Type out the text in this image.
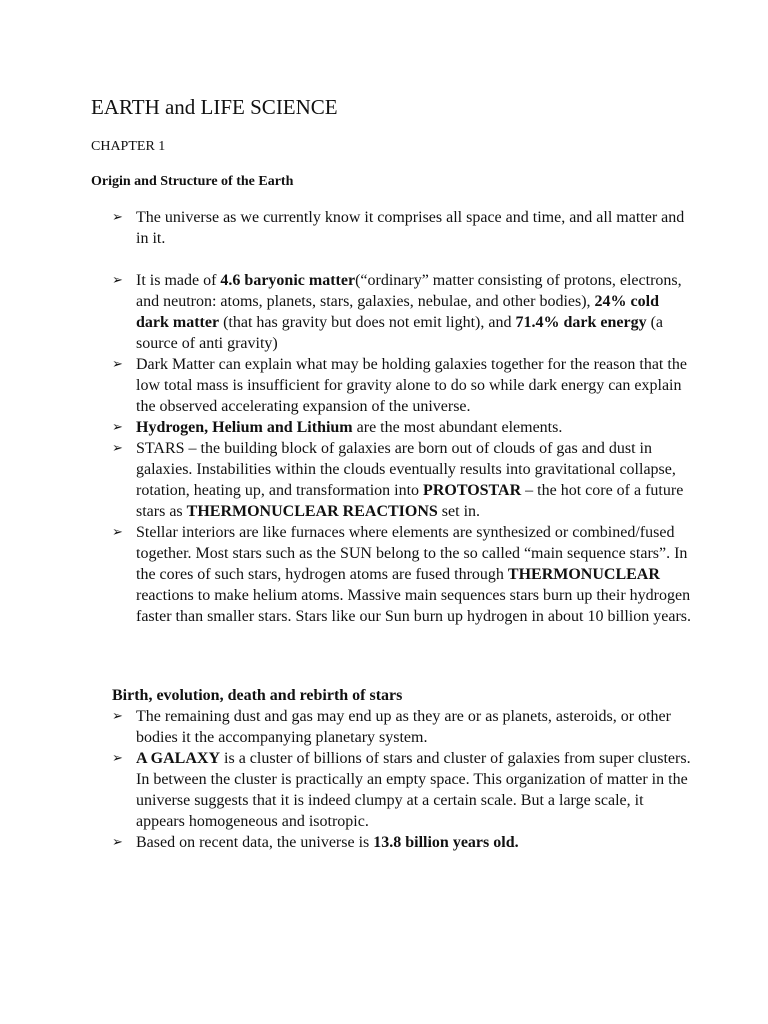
EARTH and LIFE SCIENCE
CHAPTER 1
Origin and Structure of the Earth
➢ The universe as we currently know it comprises all space and time, and all matter and in it.
➢ It is made of 4.6 baryonic matter(“ordinary” matter consisting of protons, electrons, and neutron: atoms, planets, stars, galaxies, nebulae, and other bodies), 24% cold dark matter (that has gravity but does not emit light), and 71.4% dark energy (a source of anti gravity)
➢ Dark Matter can explain what may be holding galaxies together for the reason that the low total mass is insufficient for gravity alone to do so while dark energy can explain the observed accelerating expansion of the universe.
➢ Hydrogen, Helium and Lithium are the most abundant elements.
➢ STARS – the building block of galaxies are born out of clouds of gas and dust in galaxies. Instabilities within the clouds eventually results into gravitational collapse, rotation, heating up, and transformation into PROTOSTAR – the hot core of a future stars as THERMONUCLEAR REACTIONS set in.
➢ Stellar interiors are like furnaces where elements are synthesized or combined/fused together. Most stars such as the SUN belong to the so called “main sequence stars”. In the cores of such stars, hydrogen atoms are fused through THERMONUCLEAR reactions to make helium atoms. Massive main sequences stars burn up their hydrogen faster than smaller stars. Stars like our Sun burn up hydrogen in about 10 billion years.
Birth, evolution, death and rebirth of stars
➢ The remaining dust and gas may end up as they are or as planets, asteroids, or other bodies it the accompanying planetary system.
➢ A GALAXY is a cluster of billions of stars and cluster of galaxies from super clusters. In between the cluster is practically an empty space. This organization of matter in the universe suggests that it is indeed clumpy at a certain scale. But a large scale, it appears homogeneous and isotropic.
➢ Based on recent data, the universe is 13.8 billion years old.
